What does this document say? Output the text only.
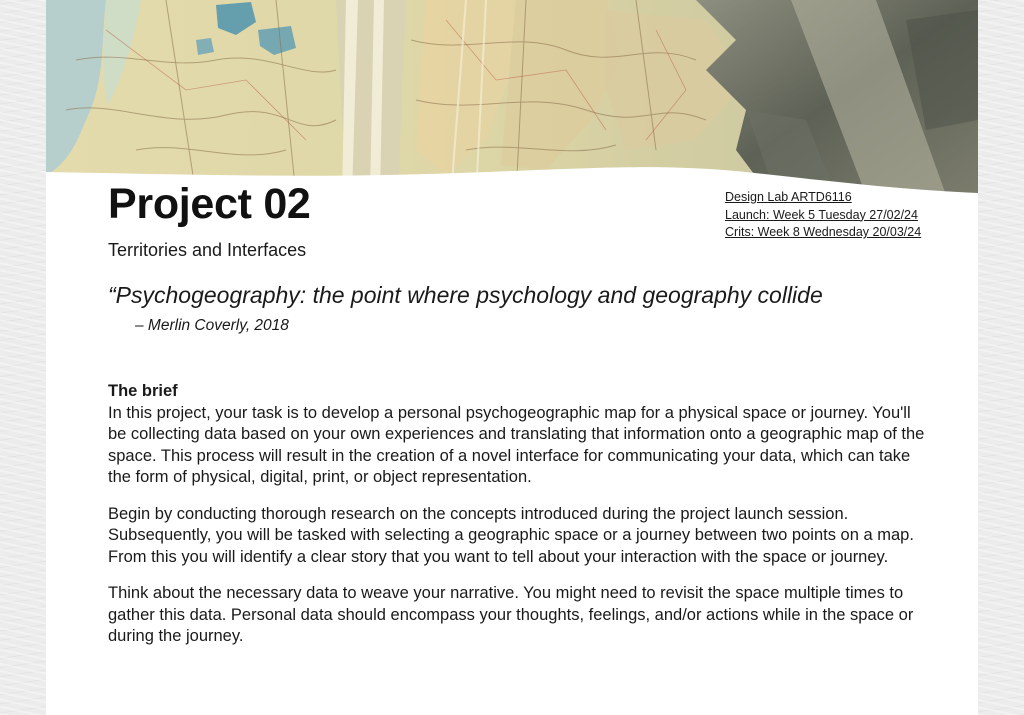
Project 02
Territories and Interfaces
Design Lab ARTD6116
Launch: Week 5 Tuesday 27/02/24
Crits: Week 8 Wednesday 20/03/24
“Psychogeography: the point where psychology and geography collide
– Merlin Coverly, 2018
The brief

In this project, your task is to develop a personal psychogeographic map for a physical space or journey. You'll be collecting data based on your own experiences and translating that information onto a geographic map of the space. This process will result in the creation of a novel interface for communicating your data, which can take the form of physical, digital, print, or object representation.

Begin by conducting thorough research on the concepts introduced during the project launch session. Subsequently, you will be tasked with selecting a geographic space or a journey between two points on a map. From this you will identify a clear story that you want to tell about your interaction with the space or journey.

Think about the necessary data to weave your narrative. You might need to revisit the space multiple times to gather this data. Personal data should encompass your thoughts, feelings, and/or actions while in the space or during the journey.
